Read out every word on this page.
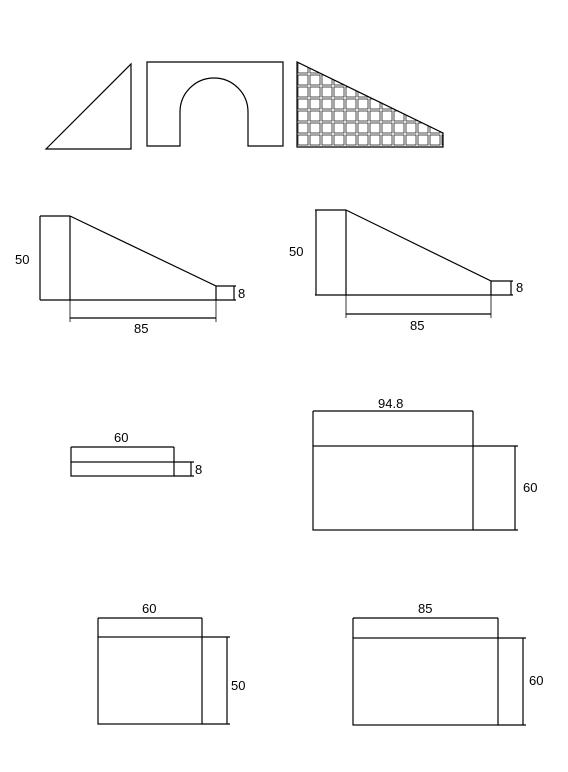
50
85
8
50
85
8
60
8
94.8
60
60
50
85
60
